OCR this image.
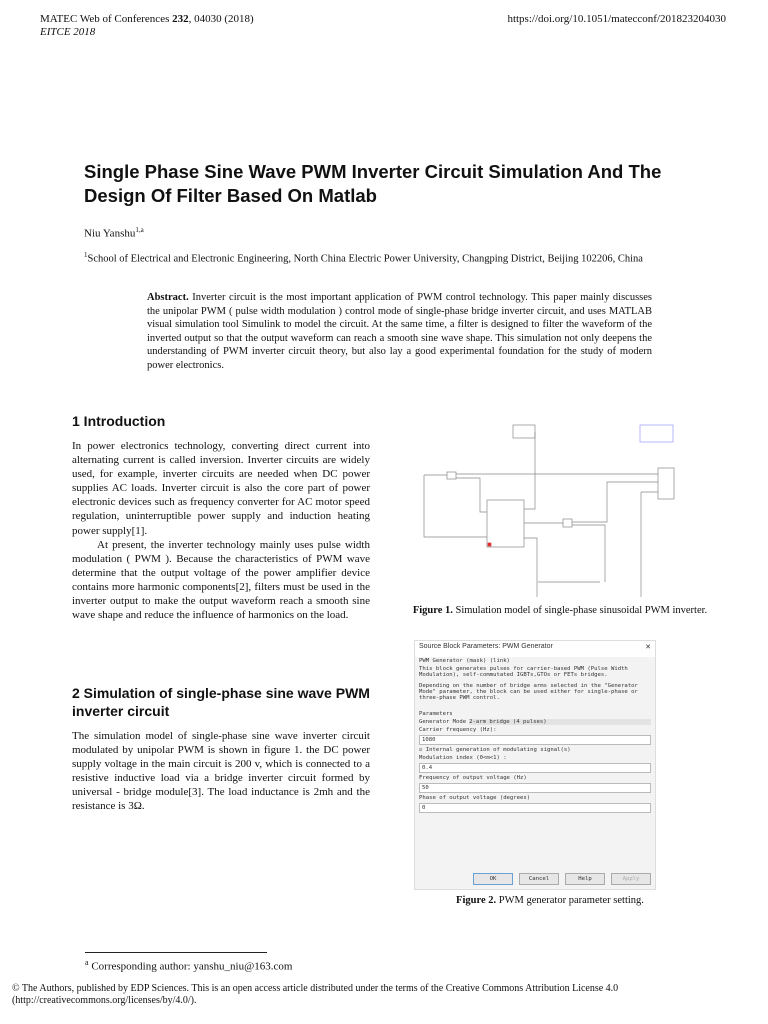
MATEC Web of Conferences 232, 04030 (2018)
EITCE 2018
https://doi.org/10.1051/matecconf/201823204030
Single Phase Sine Wave PWM Inverter Circuit Simulation And The Design Of Filter Based On Matlab
Niu Yanshu$^{1,a}$
$^1$School of Electrical and Electronic Engineering, North China Electric Power University, Changping District, Beijing 102206, China
Abstract. Inverter circuit is the most important application of PWM control technology. This paper mainly discusses the unipolar PWM ( pulse width modulation ) control mode of single-phase bridge inverter circuit, and uses MATLAB visual simulation tool Simulink to model the circuit. At the same time, a filter is designed to filter the waveform of the inverted output so that the output waveform can reach a smooth sine wave shape. This simulation not only deepens the understanding of PWM inverter circuit theory, but also lay a good experimental foundation for the study of modern power electronics.
1 Introduction

In power electronics technology, converting direct current into alternating current is called inversion. Inverter circuits are widely used, for example, inverter circuits are needed when DC power supplies AC loads. Inverter circuit is also the core part of power electronic devices such as frequency converter for AC motor speed regulation, uninterruptible power supply and induction heating power supply[1].

At present, the inverter technology mainly uses pulse width modulation ( PWM ). Because the characteristics of PWM wave determine that the output voltage of the power amplifier device contains more harmonic components[2], filters must be used in the inverter output to make the output waveform reach a smooth sine wave shape and reduce the influence of harmonics on the load.

2 Simulation of single-phase sine wave PWM inverter circuit

The simulation model of single-phase sine wave inverter circuit modulated by unipolar PWM is shown in figure 1. the DC power supply voltage in the main circuit is 200 v, which is connected to a resistive inductive load via a bridge inverter circuit formed by universal - bridge module[3]. The load inductance is 2mh and the resistance is 3Ω.

Figure 1. Simulation model of single-phase sinusoidal PWM inverter.
Source Block Parameters: PWM Generator	✕
PWM Generator (mask) (link)
This block generates pulses for carrier-based PWM (Pulse Width Modulation), self-commutated IGBTs,GTOs or FETs bridges.
Depending on the number of bridge arms selected in the "Generator Mode" parameter, the block can be used either for single-phase or three-phase PWM control.
Parameters
Generator Mode 2-arm bridge (4 pulses)
Carrier frequency (Hz):
1080
☑ Internal generation of modulating signal(s)
Modulation index (0<m<1) :
0.4
Frequency of output voltage (Hz)
50
Phase of output voltage (degrees)
0
OK	Cancel	Help	Apply
Figure 2. PWM generator parameter setting.
$^a$ Corresponding author: yanshu_niu@163.com
© The Authors, published by EDP Sciences. This is an open access article distributed under the terms of the Creative Commons Attribution License 4.0 (http://creativecommons.org/licenses/by/4.0/).
